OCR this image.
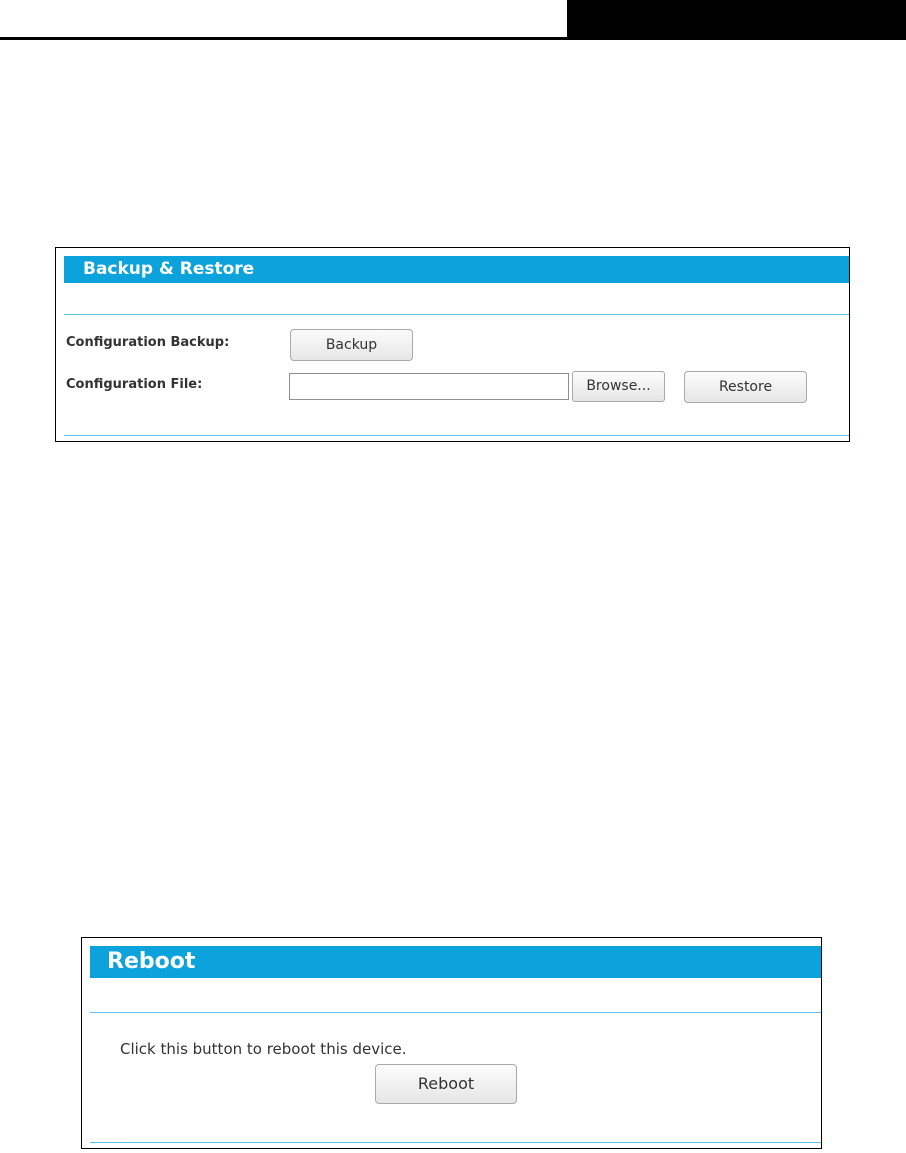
Backup & Restore
Configuration Backup:	Backup
Configuration File:	Browse...	Restore
Reboot
Click this button to reboot this device.
Reboot
